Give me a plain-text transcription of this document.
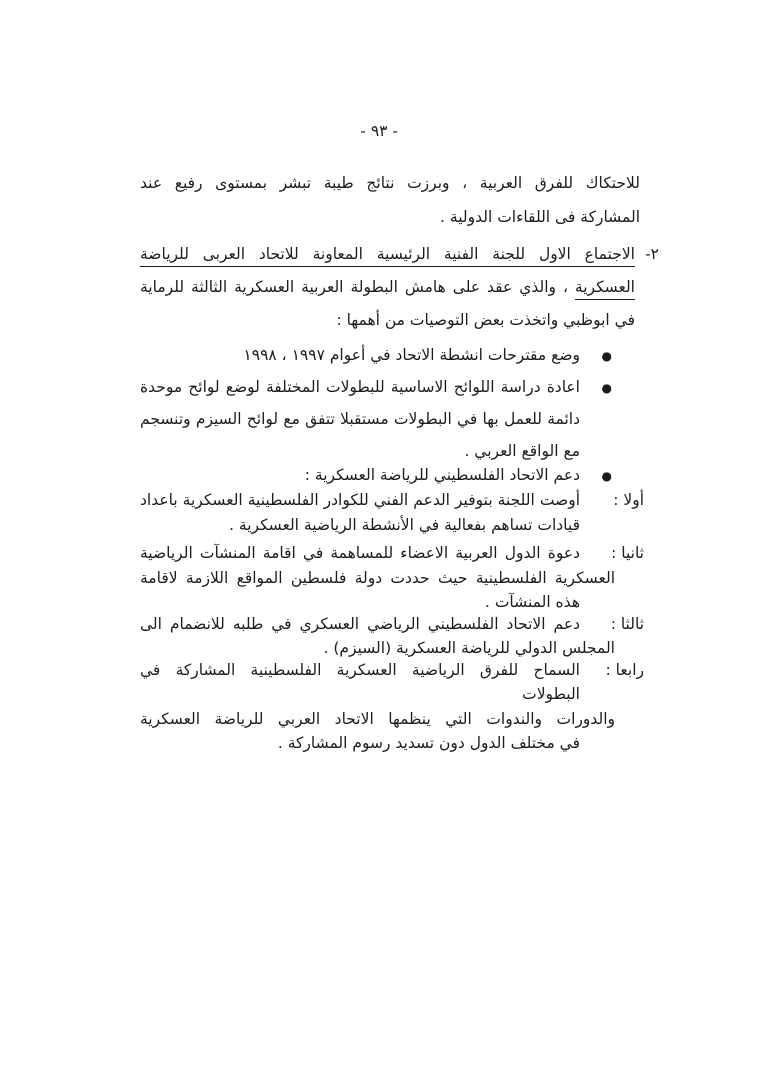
- ٩٣ -
للاحتكاك للفرق العربية ، وبرزت نتائج طيبة تبشر بمستوى رفيع عند
المشاركة فى اللقاءات الدولية .
٢-
الاجتماع الاول للجنة الفنية الرئيسية المعاونة للاتحاد العربى للرياضة
العسكرية ، والذي عقد على هامش البطولة العربية العسكرية الثالثة للرماية
في ابوظبي واتخذت بعض التوصيات من أهمها :
●
وضع مقترحات انشطة الاتحاد في أعوام ١٩٩٧ ، ١٩٩٨
●
اعادة دراسة اللوائح الاساسية للبطولات المختلفة لوضع لوائح موحدة
دائمة للعمل بها في البطولات مستقبلا تتفق مع لوائح السيزم وتنسجم
مع الواقع العربي .
●
دعم الاتحاد الفلسطيني للرياضة العسكرية :
أولا :
أوصت اللجنة بتوفير الدعم الفني للكوادر الفلسطينية العسكرية باعداد
قيادات تساهم بفعالية في الأنشطة الرياضية العسكرية .
ثانيا :
دعوة الدول العربية الاعضاء للمساهمة في اقامة المنشآت الرياضية
العسكرية الفلسطينية حيث حددت دولة فلسطين المواقع اللازمة لاقامة
هذه المنشآت .
ثالثا :
دعم الاتحاد الفلسطيني الرياضي العسكري في طلبه للانضمام الى
المجلس الدولي للرياضة العسكرية (السيزم) .
رابعا :
السماح للفرق الرياضية العسكرية الفلسطينية المشاركة في البطولات
والدورات والندوات التي ينظمها الاتحاد العربي للرياضة العسكرية
في مختلف الدول دون تسديد رسوم المشاركة .
